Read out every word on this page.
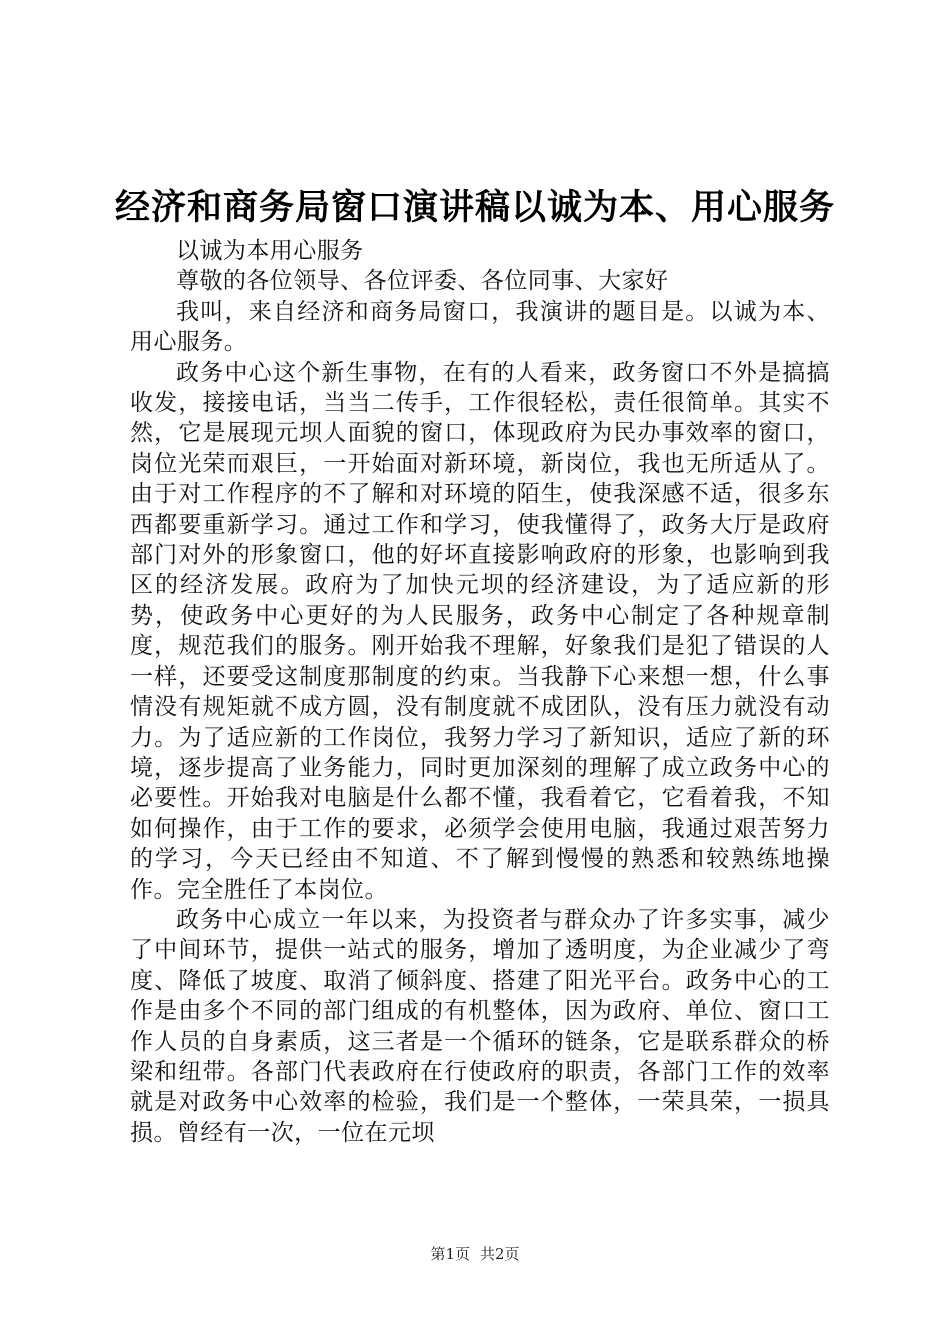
经济和商务局窗口演讲稿以诚为本、用心服务

以诚为本用心服务

尊敬的各位领导、各位评委、各位同事、大家好

我叫，来自经济和商务局窗口，我演讲的题目是。以诚为本、用心服务。

政务中心这个新生事物，在有的人看来，政务窗口不外是搞搞收发，接接电话，当当二传手，工作很轻松，责任很简单。其实不然，它是展现元坝人面貌的窗口，体现政府为民办事效率的窗口，岗位光荣而艰巨，一开始面对新环境，新岗位，我也无所适从了。由于对工作程序的不了解和对环境的陌生，使我深感不适，很多东西都要重新学习。通过工作和学习，使我懂得了，政务大厅是政府部门对外的形象窗口，他的好坏直接影响政府的形象，也影响到我区的经济发展。政府为了加快元坝的经济建设，为了适应新的形势，使政务中心更好的为人民服务，政务中心制定了各种规章制度，规范我们的服务。刚开始我不理解，好象我们是犯了错误的人一样，还要受这制度那制度的约束。当我静下心来想一想，什么事情没有规矩就不成方圆，没有制度就不成团队，没有压力就没有动力。为了适应新的工作岗位，我努力学习了新知识，适应了新的环境，逐步提高了业务能力，同时更加深刻的理解了成立政务中心的必要性。开始我对电脑是什么都不懂，我看着它，它看着我，不知如何操作，由于工作的要求，必须学会使用电脑，我通过艰苦努力的学习，今天已经由不知道、不了解到慢慢的熟悉和较熟练地操作。完全胜任了本岗位。

政务中心成立一年以来，为投资者与群众办了许多实事，减少了中间环节，提供一站式的服务，增加了透明度，为企业减少了弯度、降低了坡度、取消了倾斜度、搭建了阳光平台。政务中心的工作是由多个不同的部门组成的有机整体，因为政府、单位、窗口工作人员的自身素质，这三者是一个循环的链条，它是联系群众的桥梁和纽带。各部门代表政府在行使政府的职责，各部门工作的效率就是对政务中心效率的检验，我们是一个整体，一荣具荣，一损具损。曾经有一次，一位在元坝

第1页 共2页
